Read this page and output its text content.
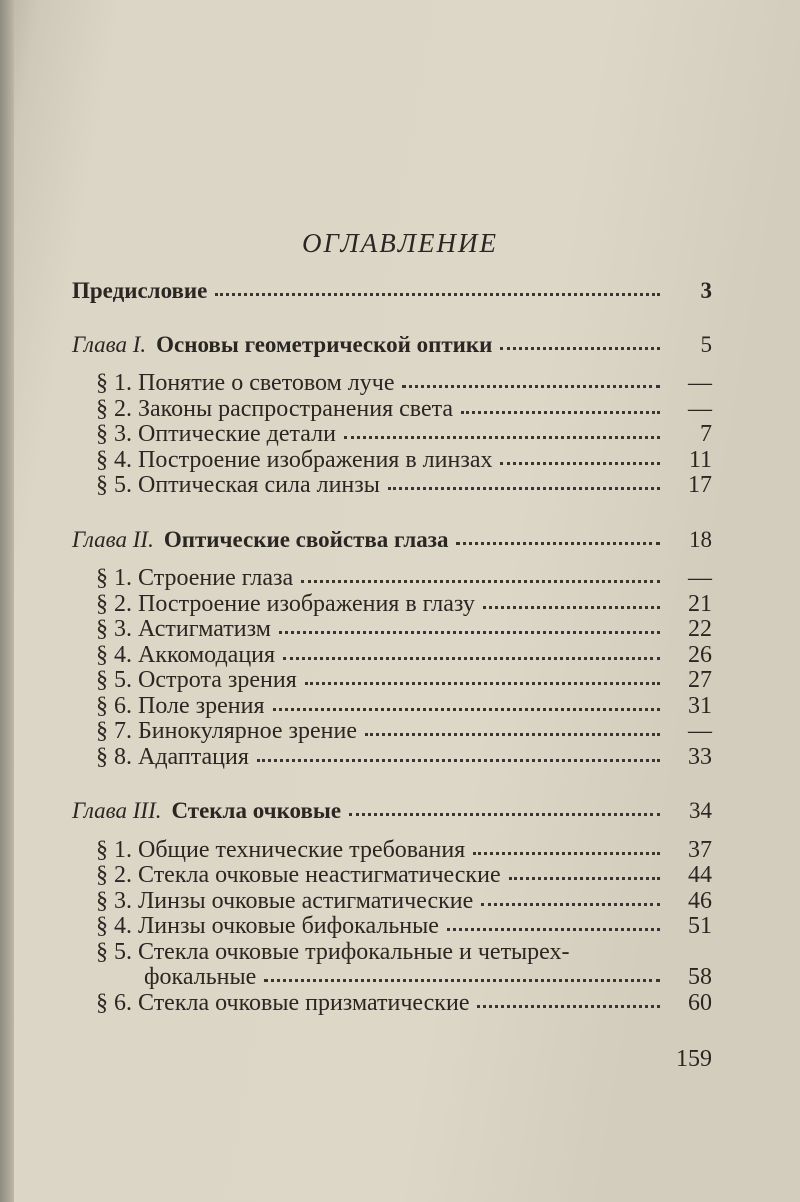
ОГЛАВЛЕНИЕ
Предисловие	3
Глава I. Основы геометрической оптики	5
§ 1. Понятие о световом луче	—
§ 2. Законы распространения света	—
§ 3. Оптические детали	7
§ 4. Построение изображения в линзах	11
§ 5. Оптическая сила линзы	17
Глава II. Оптические свойства глаза	18
§ 1. Строение глаза	—
§ 2. Построение изображения в глазу	21
§ 3. Астигматизм	22
§ 4. Аккомодация	26
§ 5. Острота зрения	27
§ 6. Поле зрения	31
§ 7. Бинокулярное зрение	—
§ 8. Адаптация	33
Глава III. Стекла очковые	34
§ 1. Общие технические требования	37
§ 2. Стекла очковые неастигматические	44
§ 3. Линзы очковые астигматические	46
§ 4. Линзы очковые бифокальные	51
§ 5. Стекла очковые трифокальные и четырех-
фокальные	58
§ 6. Стекла очковые призматические	60
159
